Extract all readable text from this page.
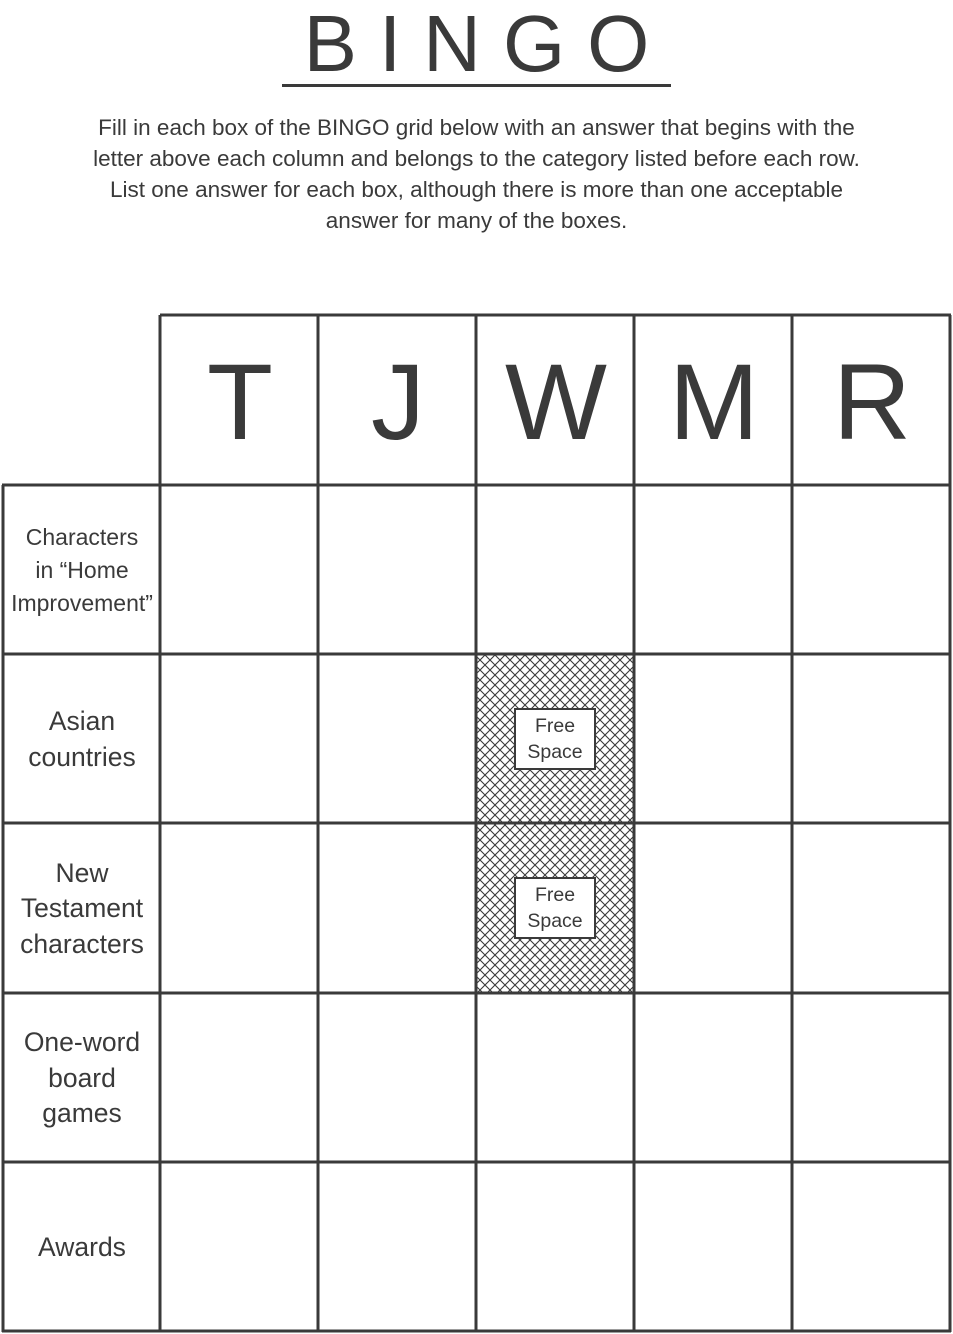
BINGO

Fill in each box of the BINGO grid below with an answer that begins with the letter above each column and belongs to the category listed before each row. List one answer for each box, although there is more than one acceptable answer for many of the boxes.

T J W M R
Characters
in “Home
Improvement”
Asian
countries
New
Testament
characters
One-word
board
games
Awards
Free
Space
Free
Space
